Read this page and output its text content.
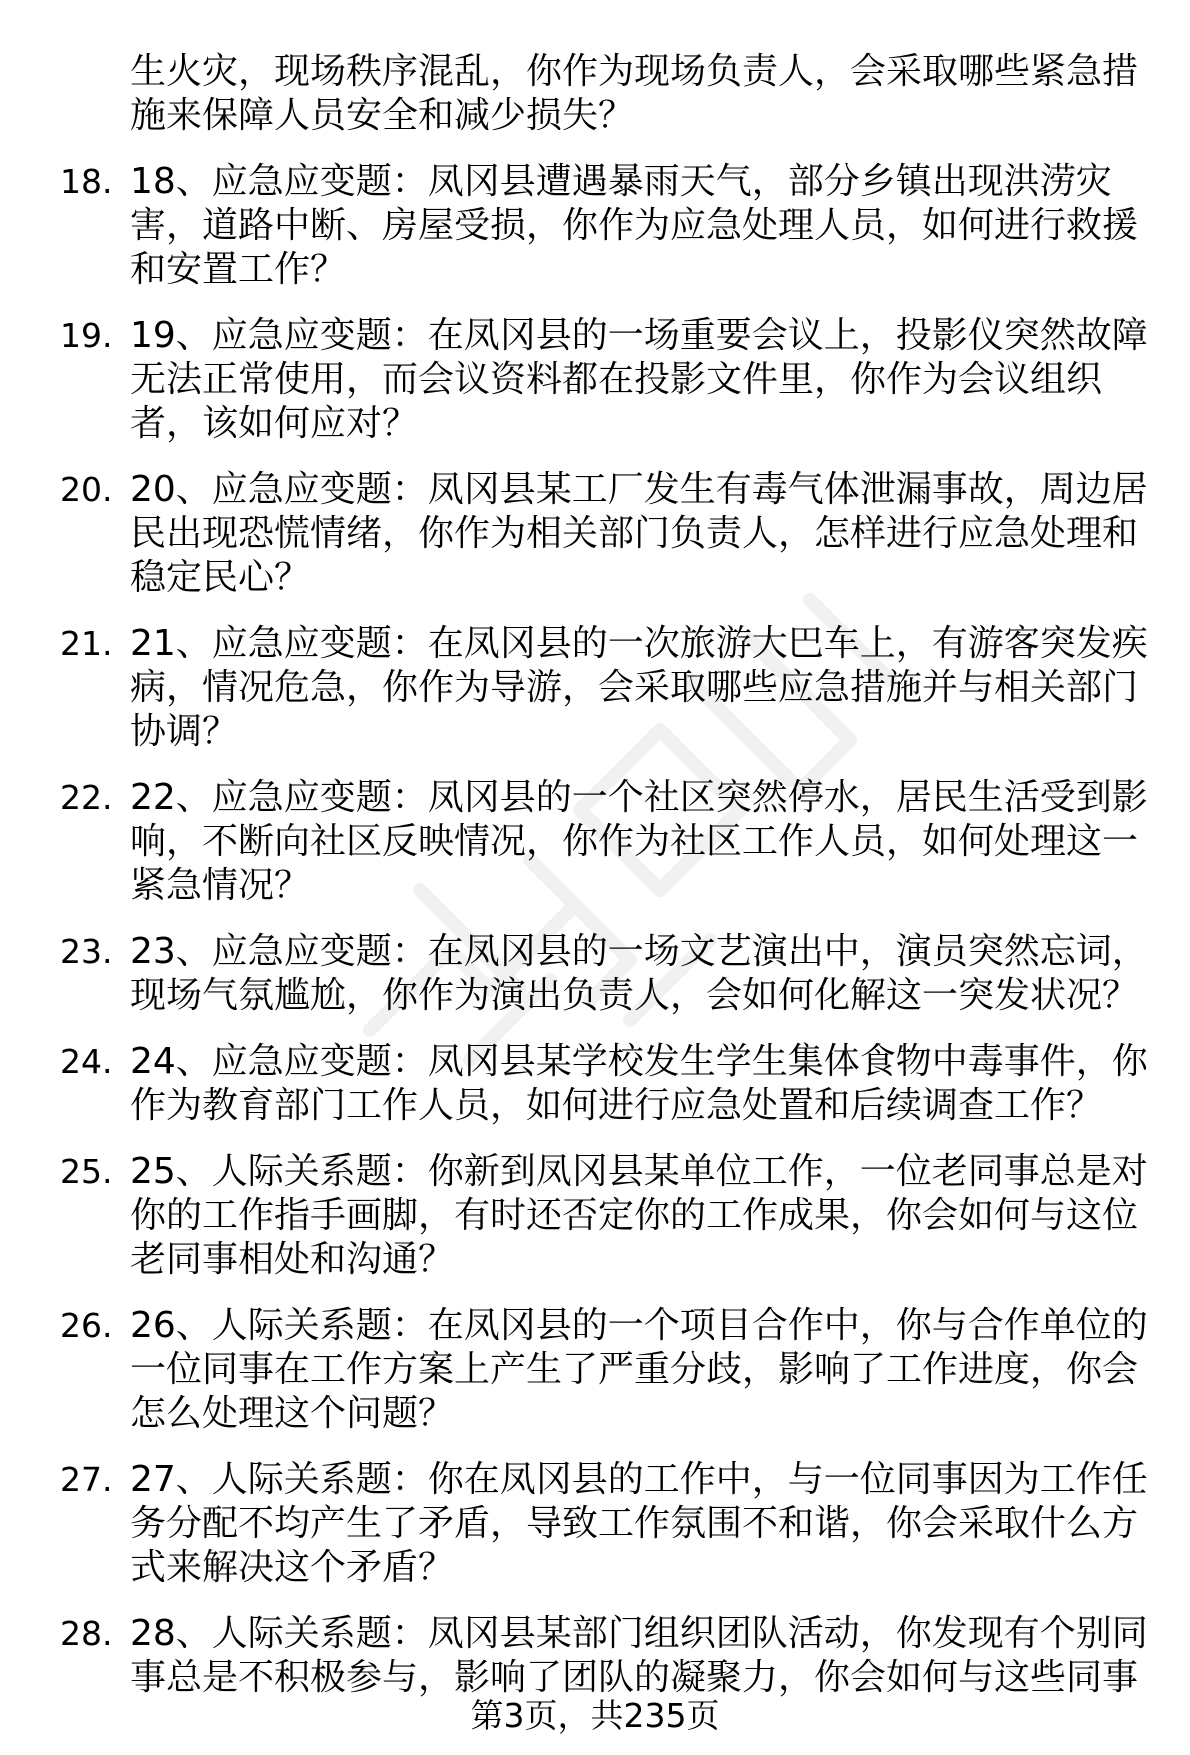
生火灾，现场秩序混乱，你作为现场负责人，会采取哪些紧急措施来保障人员安全和减少损失？
18. 18、应急应变题：凤冈县遭遇暴雨天气，部分乡镇出现洪涝灾害，道路中断、房屋受损，你作为应急处理人员，如何进行救援和安置工作？
19. 19、应急应变题：在凤冈县的一场重要会议上，投影仪突然故障无法正常使用，而会议资料都在投影文件里，你作为会议组织者，该如何应对？
20. 20、应急应变题：凤冈县某工厂发生有毒气体泄漏事故，周边居民出现恐慌情绪，你作为相关部门负责人，怎样进行应急处理和稳定民心？
21. 21、应急应变题：在凤冈县的一次旅游大巴车上，有游客突发疾病，情况危急，你作为导游，会采取哪些应急措施并与相关部门协调？
22. 22、应急应变题：凤冈县的一个社区突然停水，居民生活受到影响，不断向社区反映情况，你作为社区工作人员，如何处理这一紧急情况？
23. 23、应急应变题：在凤冈县的一场文艺演出中，演员突然忘词，现场气氛尴尬，你作为演出负责人，会如何化解这一突发状况？
24. 24、应急应变题：凤冈县某学校发生学生集体食物中毒事件，你作为教育部门工作人员，如何进行应急处置和后续调查工作？
25. 25、人际关系题：你新到凤冈县某单位工作，一位老同事总是对你的工作指手画脚，有时还否定你的工作成果，你会如何与这位老同事相处和沟通？
26. 26、人际关系题：在凤冈县的一个项目合作中，你与合作单位的一位同事在工作方案上产生了严重分歧，影响了工作进度，你会怎么处理这个问题？
27. 27、人际关系题：你在凤冈县的工作中，与一位同事因为工作任务分配不均产生了矛盾，导致工作氛围不和谐，你会采取什么方式来解决这个矛盾？
28. 28、人际关系题：凤冈县某部门组织团队活动，你发现有个别同事总是不积极参与，影响了团队的凝聚力，你会如何与这些同事
第3页，共235页
